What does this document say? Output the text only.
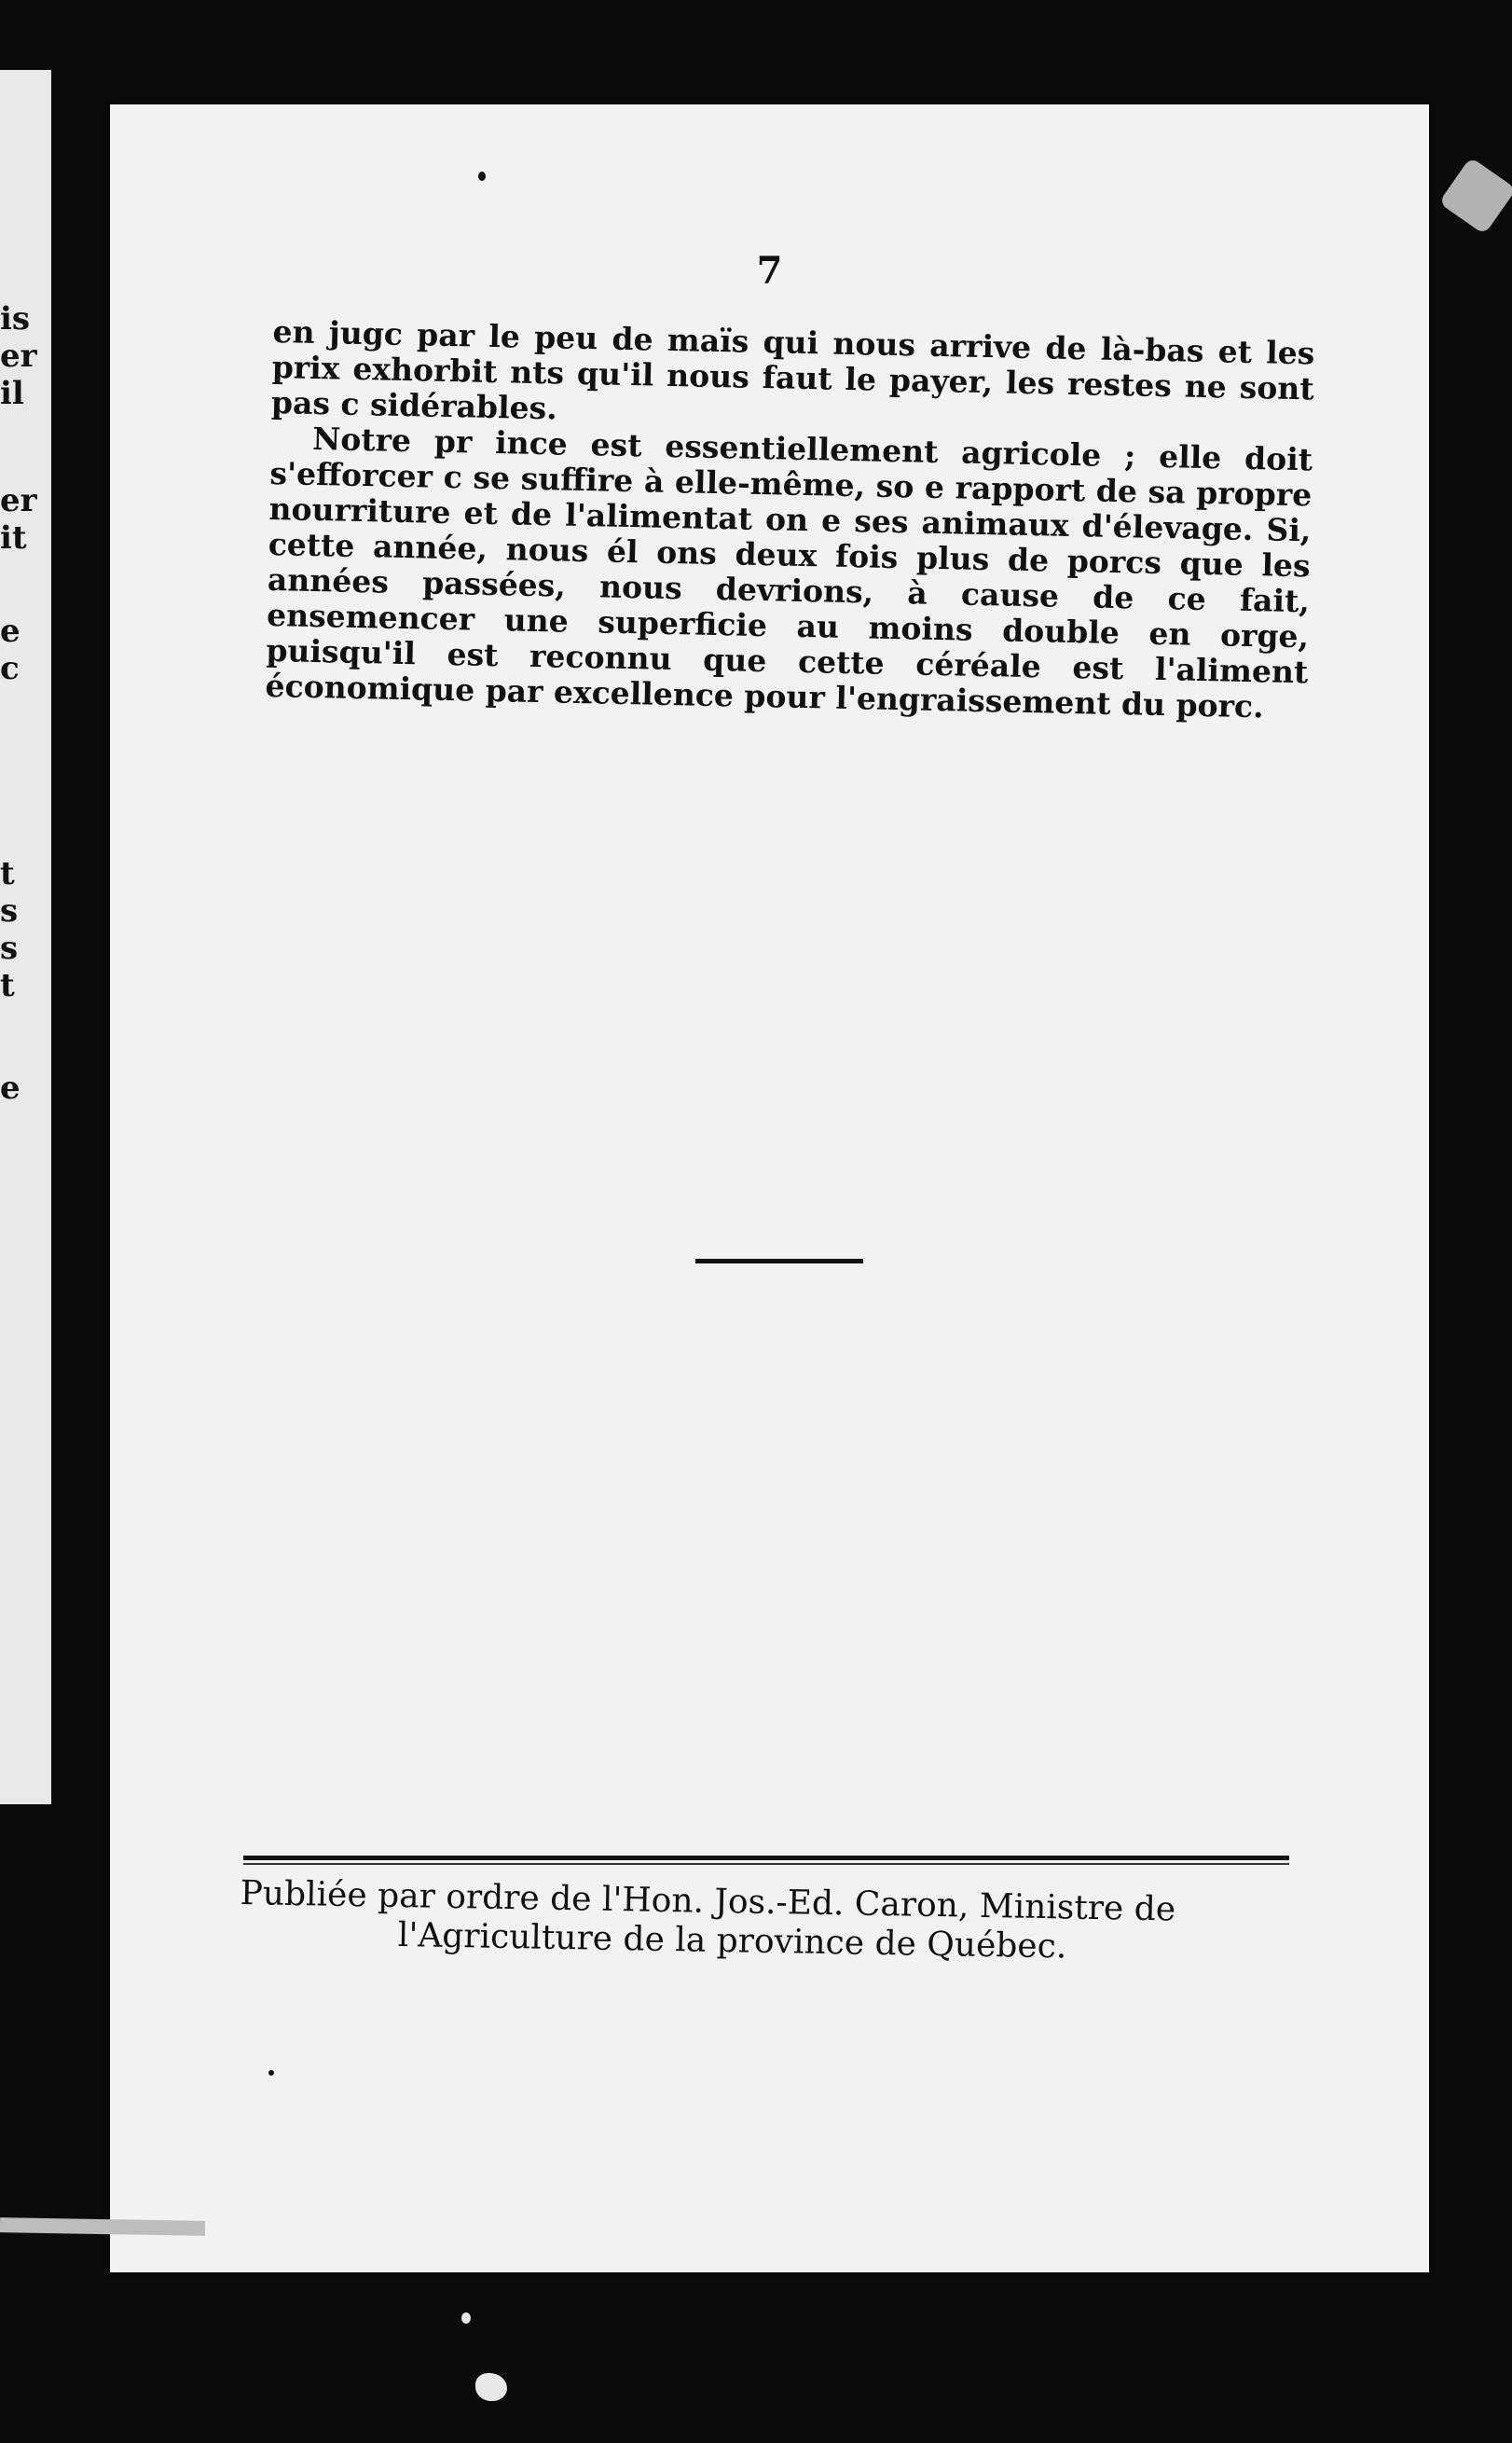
is
er
il
er
it
e
c
t
s
s
t
e
7

en jugc par le peu de maïs qui nous arrive de là-bas et les prix exhorbit nts qu'il nous faut le payer, les restes ne sont pas c sidérables.

Notre pr ince est essentiellement agricole ; elle doit s'efforcer c se suffire à elle-même, so e rapport de sa propre nourriture et de l'alimentat on e ses animaux d'élevage. Si, cette année, nous él ons deux fois plus de porcs que les années passées, nous devrions, à cause de ce fait, ensemencer une superficie au moins double en orge, puisqu'il est reconnu que cette céréale est l'aliment économique par excellence pour l'engraissement du porc.

Publiée par ordre de l'Hon. Jos.-Ed. Caron, Ministre de
l'Agriculture de la province de Québec.
